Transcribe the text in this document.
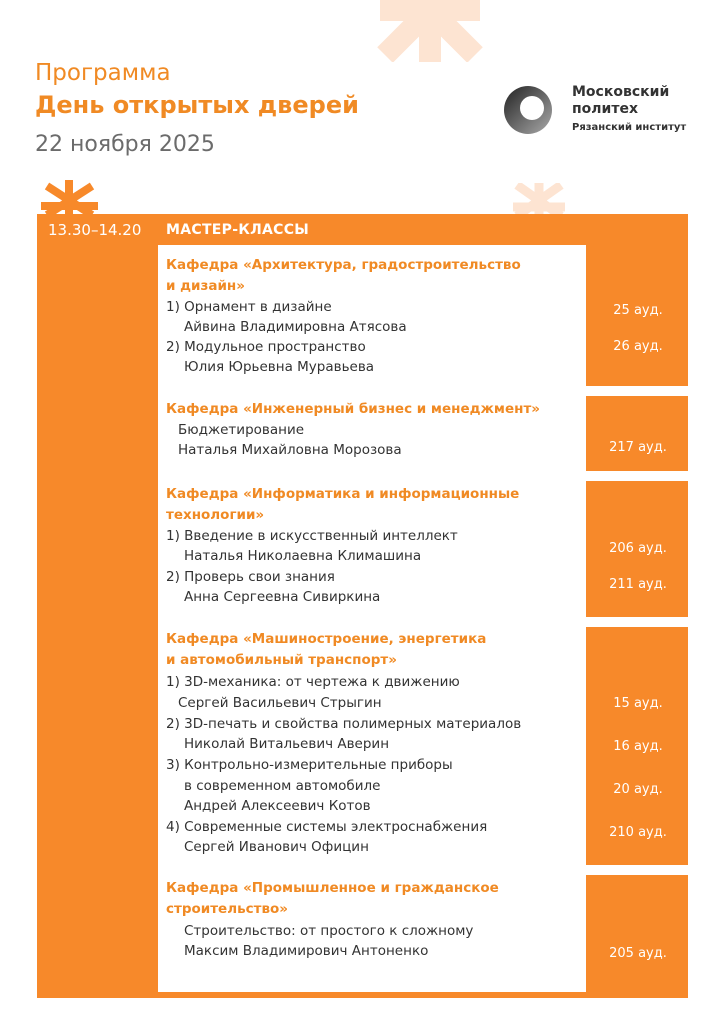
Программа
День открытых дверей
22 ноября 2025
Московский
политех
Рязанский институт
13.30–14.20 МАСТЕР-КЛАССЫ
Кафедра «Архитектура, градостроительство
и дизайн»
1) Орнамент в дизайне
Айвина Владимировна Атясова
2) Модульное пространство
Юлия Юрьевна Муравьева
25 ауд.
26 ауд.
Кафедра «Инженерный бизнес и менеджмент»
Бюджетирование
Наталья Михайловна Морозова	217 ауд.
Кафедра «Информатика и информационные
технологии»
1) Введение в искусственный интеллект
Наталья Николаевна Климашина
2) Проверь свои знания
Анна Сергеевна Сивиркина
206 ауд.
211 ауд.
Кафедра «Машиностроение, энергетика
и автомобильный транспорт»
1) 3D-механика: от чертежа к движению
Сергей Васильевич Стрыгин
2) 3D-печать и свойства полимерных материалов
Николай Витальевич Аверин
3) Контрольно-измерительные приборы
в современном автомобиле
Андрей Алексеевич Котов
4) Современные системы электроснабжения
Сергей Иванович Официн
15 ауд.
16 ауд.
20 ауд.
210 ауд.
Кафедра «Промышленное и гражданское
строительство»
Строительство: от простого к сложному
Максим Владимирович Антоненко	205 ауд.
